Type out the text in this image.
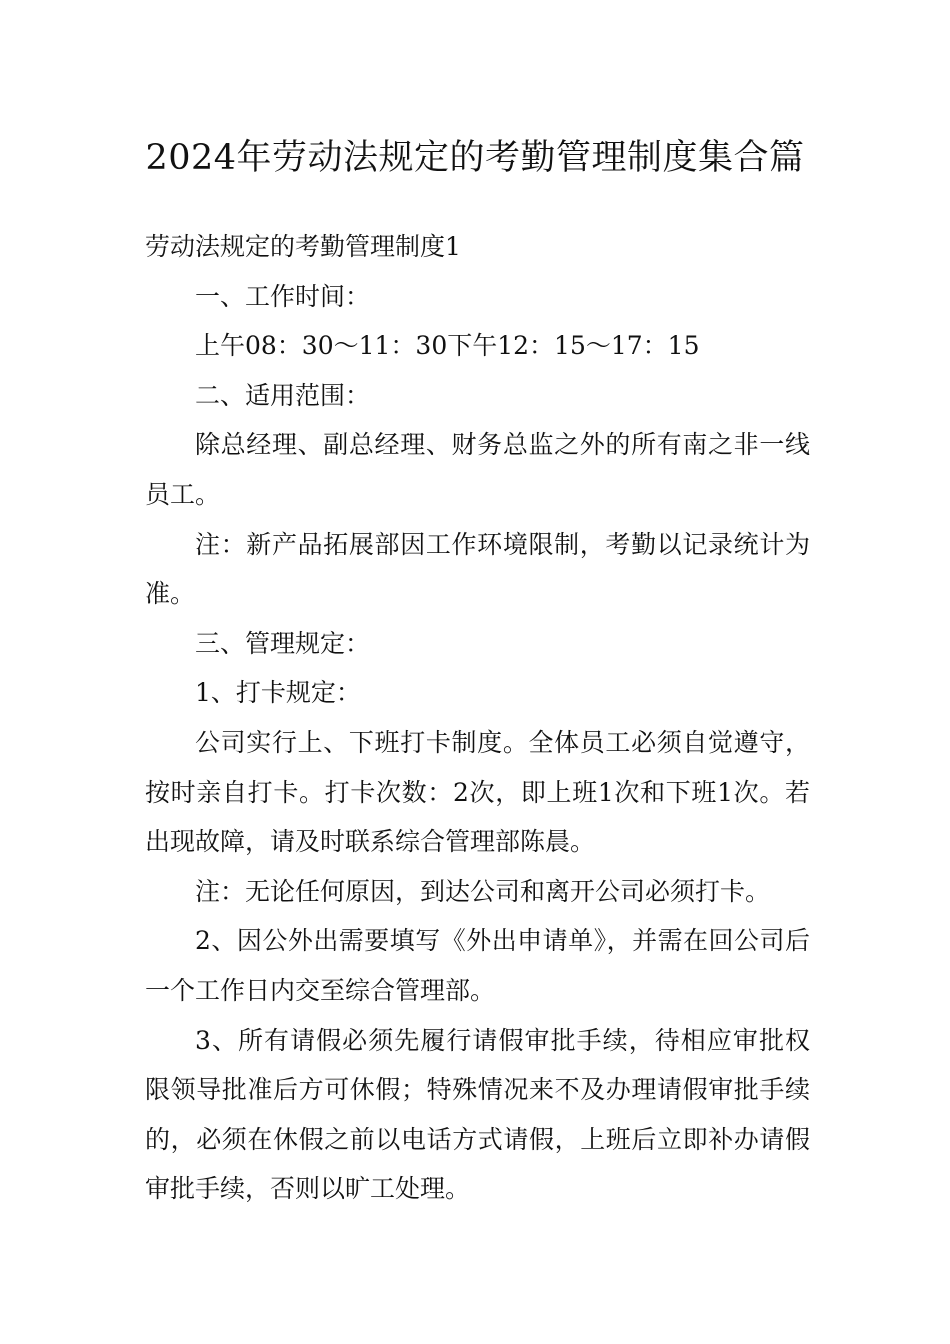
2024年劳动法规定的考勤管理制度集合篇

劳动法规定的考勤管理制度1

一、工作时间：

上午08：30～11：30下午12：15～17：15

二、适用范围：

除总经理、副总经理、财务总监之外的所有南之非一线员工。

注：新产品拓展部因工作环境限制，考勤以记录统计为准。

三、管理规定：

1、打卡规定：

公司实行上、下班打卡制度。全体员工必须自觉遵守，按时亲自打卡。打卡次数：2次，即上班1次和下班1次。若出现故障，请及时联系综合管理部陈晨。

注：无论任何原因，到达公司和离开公司必须打卡。

2、因公外出需要填写《外出申请单》，并需在回公司后一个工作日内交至综合管理部。

3、所有请假必须先履行请假审批手续，待相应审批权限领导批准后方可休假；特殊情况来不及办理请假审批手续的，必须在休假之前以电话方式请假，上班后立即补办请假审批手续，否则以旷工处理。
